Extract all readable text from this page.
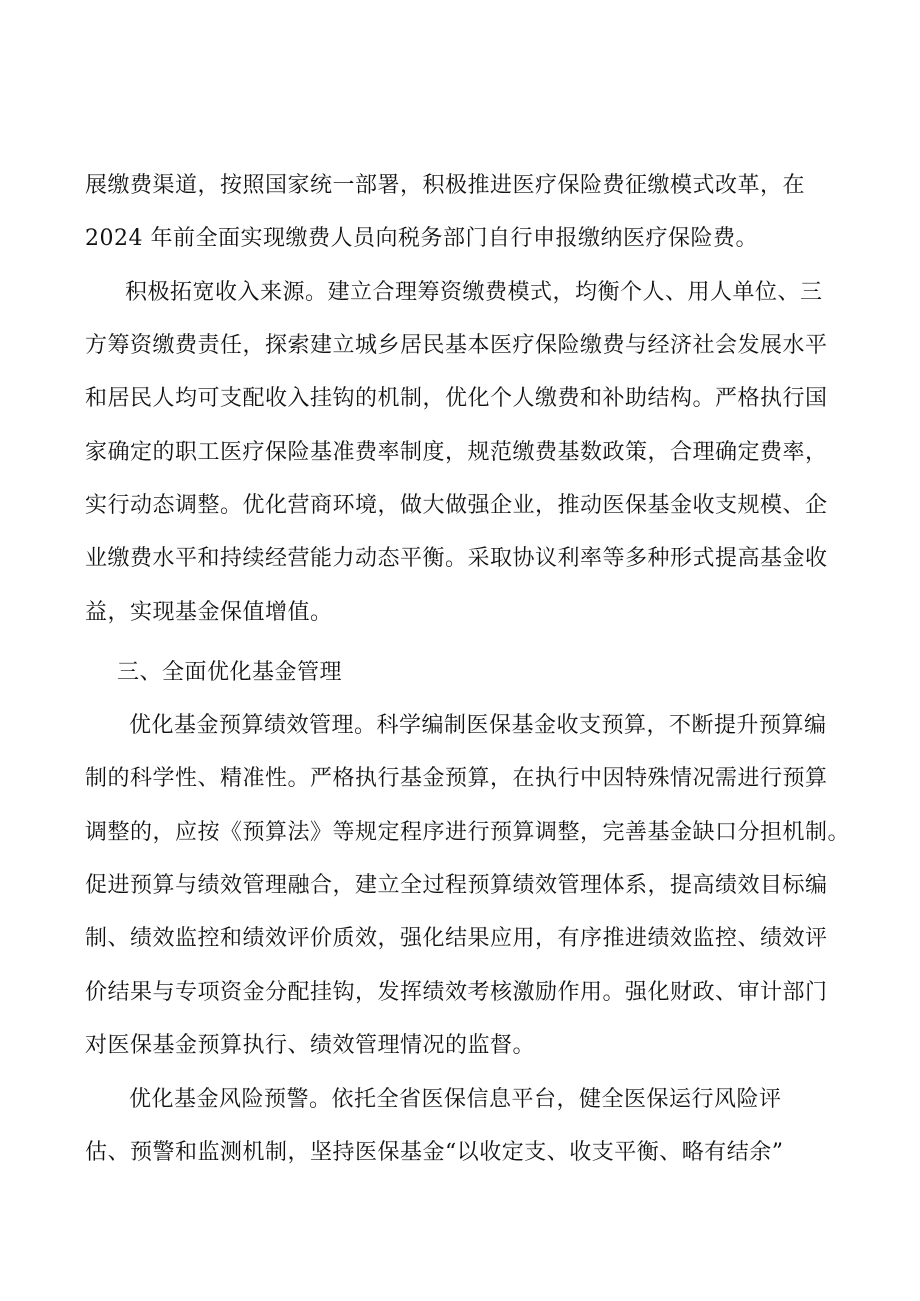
展缴费渠道，按照国家统一部署，积极推进医疗保险费征缴模式改革，在
2024 年前全面实现缴费人员向税务部门自行申报缴纳医疗保险费。
积极拓宽收入来源。建立合理筹资缴费模式，均衡个人、用人单位、三
方筹资缴费责任，探索建立城乡居民基本医疗保险缴费与经济社会发展水平
和居民人均可支配收入挂钩的机制，优化个人缴费和补助结构。严格执行国
家确定的职工医疗保险基准费率制度，规范缴费基数政策，合理确定费率，
实行动态调整。优化营商环境，做大做强企业，推动医保基金收支规模、企
业缴费水平和持续经营能力动态平衡。采取协议利率等多种形式提高基金收
益，实现基金保值增值。
三、全面优化基金管理
优化基金预算绩效管理。科学编制医保基金收支预算，不断提升预算编
制的科学性、精准性。严格执行基金预算，在执行中因特殊情况需进行预算
调整的，应按《预算法》等规定程序进行预算调整，完善基金缺口分担机制。
促进预算与绩效管理融合，建立全过程预算绩效管理体系，提高绩效目标编
制、绩效监控和绩效评价质效，强化结果应用，有序推进绩效监控、绩效评
价结果与专项资金分配挂钩，发挥绩效考核激励作用。强化财政、审计部门
对医保基金预算执行、绩效管理情况的监督。
优化基金风险预警。依托全省医保信息平台，健全医保运行风险评
估、预警和监测机制，坚持医保基金“以收定支、收支平衡、略有结余”
